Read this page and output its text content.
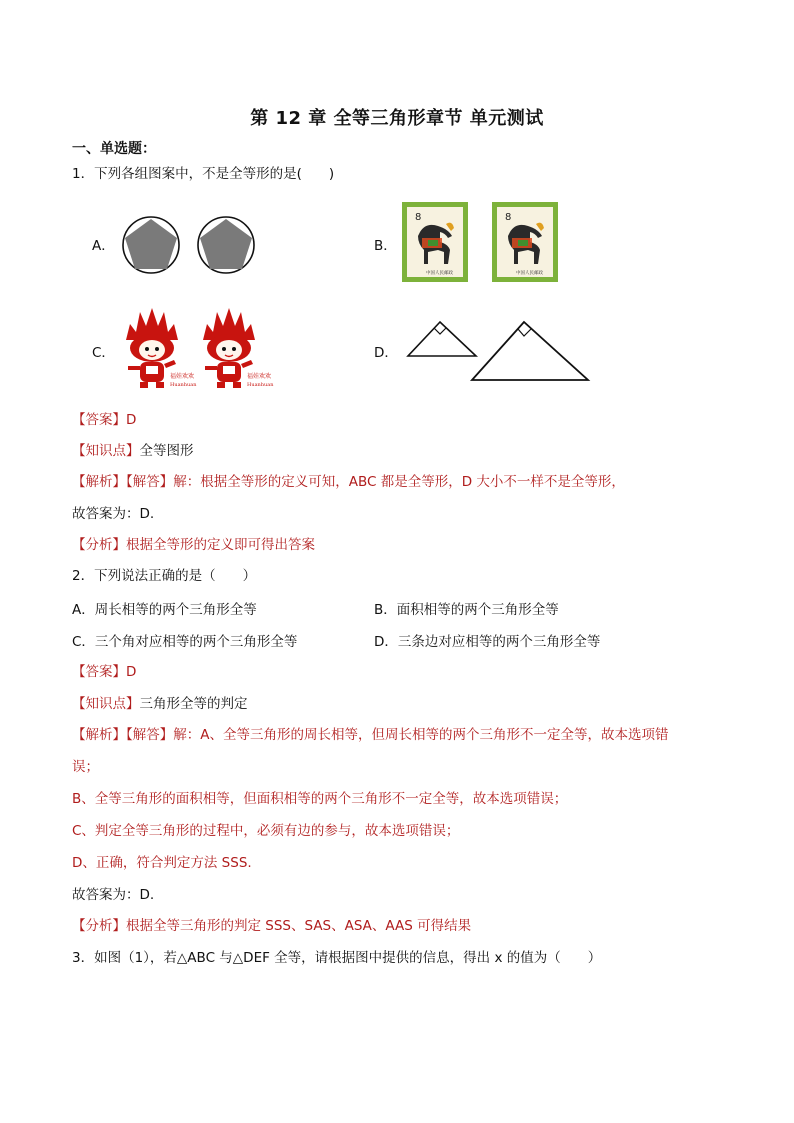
第 12 章 全等三角形章节 单元测试
一、单选题：
1．下列各组图案中，不是全等形的是(　　)
A．	B．
8
中国人民邮政
8
中国人民邮政
C．
福娃欢欢
Huanhuan
福娃欢欢
Huanhuan
D．
【答案】D
【知识点】全等图形
【解析】【解答】解：根据全等形的定义可知，ABC 都是全等形，D 大小不一样不是全等形，
故答案为：D.
【分析】根据全等形的定义即可得出答案
2．下列说法正确的是（　　）
A．周长相等的两个三角形全等	B．面积相等的两个三角形全等
C．三个角对应相等的两个三角形全等	D．三条边对应相等的两个三角形全等
【答案】D
【知识点】三角形全等的判定
【解析】【解答】解：A、全等三角形的周长相等，但周长相等的两个三角形不一定全等，故本选项错
误；
B、全等三角形的面积相等，但面积相等的两个三角形不一定全等，故本选项错误；
C、判定全等三角形的过程中，必须有边的参与，故本选项错误；
D、正确，符合判定方法 SSS.
故答案为：D.
【分析】根据全等三角形的判定 SSS、SAS、ASA、AAS 可得结果
3．如图（1），若△ABC 与△DEF 全等，请根据图中提供的信息，得出 x 的值为（　　）
